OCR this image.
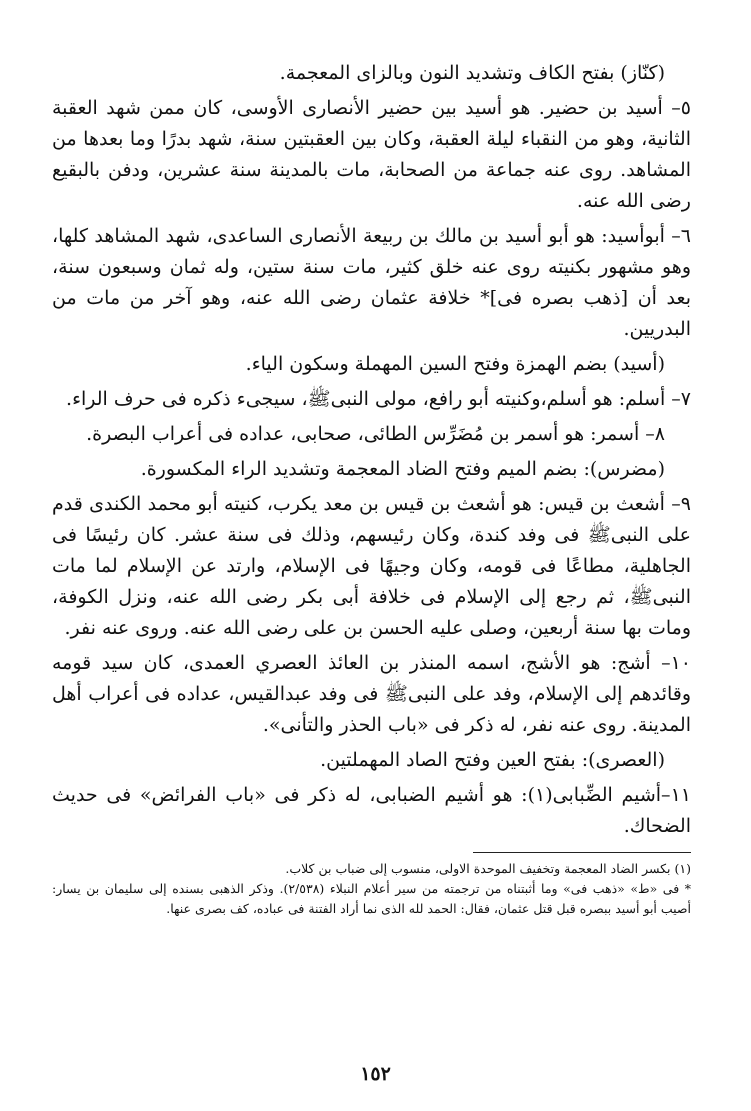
(كنّاز) بفتح الكاف وتشديد النون وبالزاى المعجمة.

٥– أسيد بن حضير. هو أسيد بين حضير الأنصارى الأوسى، كان ممن شهد العقبة الثانية، وهو من النقباء ليلة العقبة، وكان بين العقبتين سنة، شهد بدرًا وما بعدها من المشاهد. روى عنه جماعة من الصحابة، مات بالمدينة سنة عشرين، ودفن بالبقيع رضى الله عنه.

٦– أبوأسيد: هو أبو أسيد بن مالك بن ربيعة الأنصارى الساعدى، شهد المشاهد كلها، وهو مشهور بكنيته روى عنه خلق كثير، مات سنة ستين، وله ثمان وسبعون سنة، بعد أن [ذهب بصره فى]* خلافة عثمان رضى الله عنه، وهو آخر من مات من البدريين.

(أسيد) بضم الهمزة وفتح السين المهملة وسكون الياء.

٧– أسلم: هو أسلم،وكنيته أبو رافع، مولى النبىﷺ، سيجىء ذكره فى حرف الراء.

٨– أسمر: هو أسمر بن مُضَرِّس الطائى، صحابى، عداده فى أعراب البصرة.

(مضرس): بضم الميم وفتح الضاد المعجمة وتشديد الراء المكسورة.

٩– أشعث بن قيس: هو أشعث بن قيس بن معد يكرب، كنيته أبو محمد الكندى قدم على النبىﷺ فى وفد كندة، وكان رئيسهم، وذلك فى سنة عشر. كان رئيسًا فى الجاهلية، مطاعًا فى قومه، وكان وجيهًا فى الإسلام، وارتد عن الإسلام لما مات النبىﷺ، ثم رجع إلى الإسلام فى خلافة أبى بكر رضى الله عنه، ونزل الكوفة، ومات بها سنة أربعين، وصلى عليه الحسن بن على رضى الله عنه. وروى عنه نفر.

١٠– أشج: هو الأشج، اسمه المنذر بن العائذ العصري العمدى، كان سيد قومه وقائدهم إلى الإسلام، وفد على النبىﷺ فى وفد عبدالقيس، عداده فى أعراب أهل المدينة. روى عنه نفر، له ذكر فى «باب الحذر والتأنى».

(العصرى): بفتح العين وفتح الصاد المهملتين.

١١–أشيم الضِّبابى(١): هو أشيم الضبابى، له ذكر فى «باب الفرائض» فى حديث الضحاك.

(١) بكسر الضاد المعجمة وتخفيف الموحدة الاولى، منسوب إلى ضباب بن كلاب.

* فى «ط» «ذهب فى» وما أثبتناه من ترجمته من سير أعلام النبلاء (٢/٥٣٨). وذكر الذهبى بسنده إلى سليمان بن يسار: أصيب أبو أسيد ببصره قبل قتل عثمان، فقال: الحمد لله الذى نما أراد الفتنة فى عباده، كف بصرى عنها.

١٥٢
